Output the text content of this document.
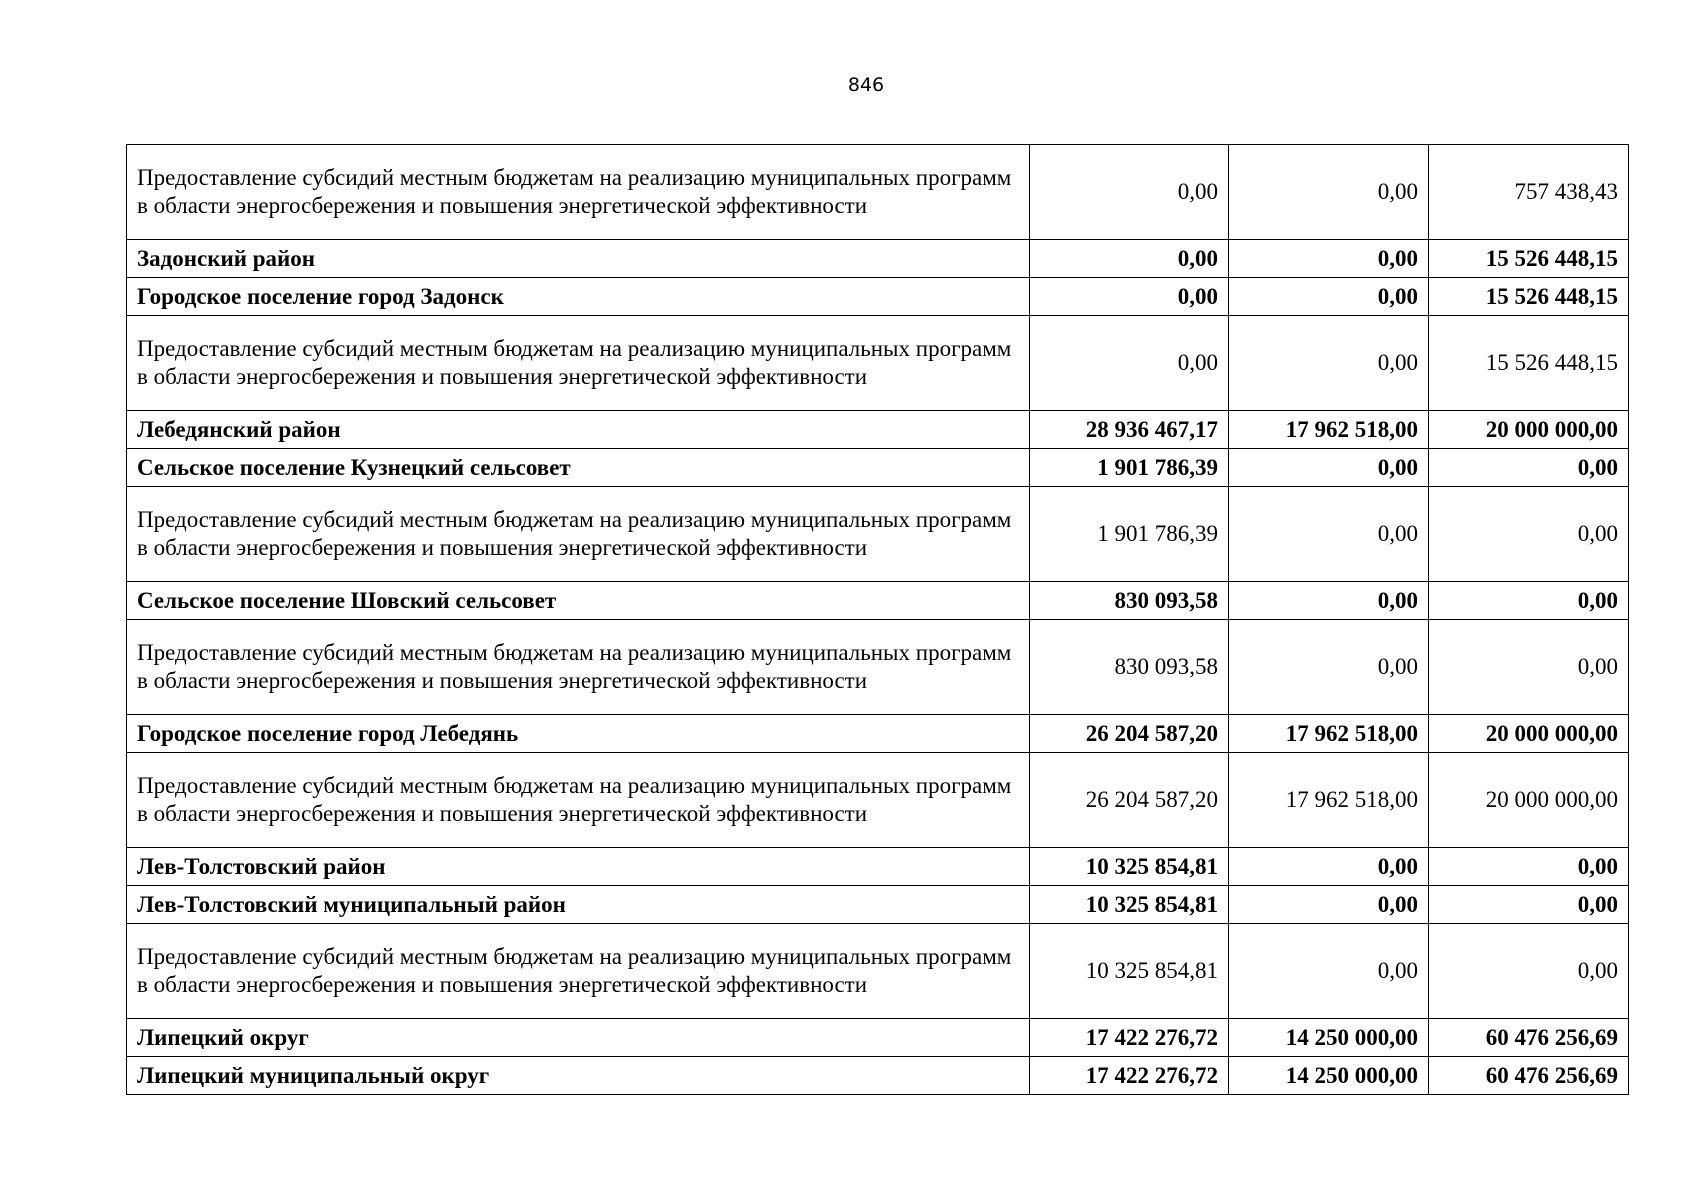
846
Предоставление субсидий местным бюджетам на реализацию муниципальных программ в области энергосбережения и повышения энергетической эффективности	0,00	0,00	757 438,43
Задонский район	0,00	0,00	15 526 448,15
Городское поселение город Задонск	0,00	0,00	15 526 448,15
Предоставление субсидий местным бюджетам на реализацию муниципальных программ в области энергосбережения и повышения энергетической эффективности	0,00	0,00	15 526 448,15
Лебедянский район	28 936 467,17	17 962 518,00	20 000 000,00
Сельское поселение Кузнецкий сельсовет	1 901 786,39	0,00	0,00
Предоставление субсидий местным бюджетам на реализацию муниципальных программ в области энергосбережения и повышения энергетической эффективности	1 901 786,39	0,00	0,00
Сельское поселение Шовский сельсовет	830 093,58	0,00	0,00
Предоставление субсидий местным бюджетам на реализацию муниципальных программ в области энергосбережения и повышения энергетической эффективности	830 093,58	0,00	0,00
Городское поселение город Лебедянь	26 204 587,20	17 962 518,00	20 000 000,00
Предоставление субсидий местным бюджетам на реализацию муниципальных программ в области энергосбережения и повышения энергетической эффективности	26 204 587,20	17 962 518,00	20 000 000,00
Лев-Толстовский район	10 325 854,81	0,00	0,00
Лев-Толстовский муниципальный район	10 325 854,81	0,00	0,00
Предоставление субсидий местным бюджетам на реализацию муниципальных программ в области энергосбережения и повышения энергетической эффективности	10 325 854,81	0,00	0,00
Липецкий округ	17 422 276,72	14 250 000,00	60 476 256,69
Липецкий муниципальный округ	17 422 276,72	14 250 000,00	60 476 256,69
